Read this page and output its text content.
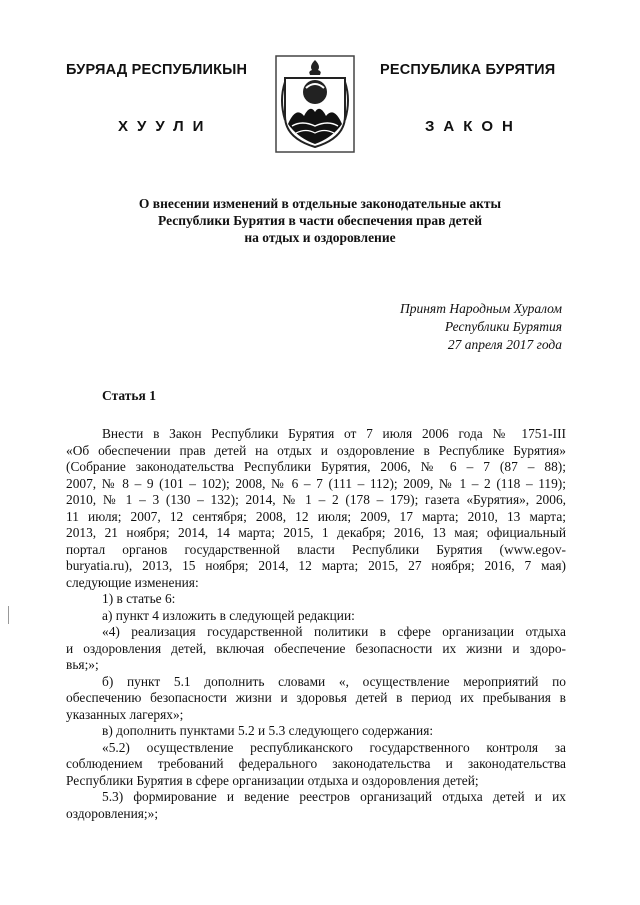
БУРЯАД РЕСПУБЛИКЫН
ХУУЛИ
РЕСПУБЛИКА БУРЯТИЯ
ЗАКОН
О внесении изменений в отдельные законодательные акты
Республики Бурятия в части обеспечения прав детей
на отдых и оздоровление
Принят Народным Хуралом
Республики Бурятия
27 апреля 2017 года
Статья 1
Внести в Закон Республики Бурятия от 7 июля 2006 года № 1751-III
«Об обеспечении прав детей на отдых и оздоровление в Республике Бурятия»
(Собрание законодательства Республики Бурятия, 2006, № 6 – 7 (87 – 88);
2007, № 8 – 9 (101 – 102); 2008, № 6 – 7 (111 – 112); 2009, № 1 – 2 (118 – 119);
2010, № 1 – 3 (130 – 132); 2014, № 1 – 2 (178 – 179); газета «Бурятия», 2006,
11 июля; 2007, 12 сентября; 2008, 12 июля; 2009, 17 марта; 2010, 13 марта;
2013, 21 ноября; 2014, 14 марта; 2015, 1 декабря; 2016, 13 мая; официальный
портал органов государственной власти Республики Бурятия (www.egov-
buryatia.ru), 2013, 15 ноября; 2014, 12 марта; 2015, 27 ноября; 2016, 7 мая)
следующие изменения:
1) в статье 6:
а) пункт 4 изложить в следующей редакции:
«4) реализация государственной политики в сфере организации отдыха
и оздоровления детей, включая обеспечение безопасности их жизни и здоро-
вья;»;
б) пункт 5.1 дополнить словами «, осуществление мероприятий по
обеспечению безопасности жизни и здоровья детей в период их пребывания в
указанных лагерях»;
в) дополнить пунктами 5.2 и 5.3 следующего содержания:
«5.2) осуществление республиканского государственного контроля за
соблюдением требований федерального законодательства и законодательства
Республики Бурятия в сфере организации отдыха и оздоровления детей;
5.3) формирование и ведение реестров организаций отдыха детей и их
оздоровления;»;
